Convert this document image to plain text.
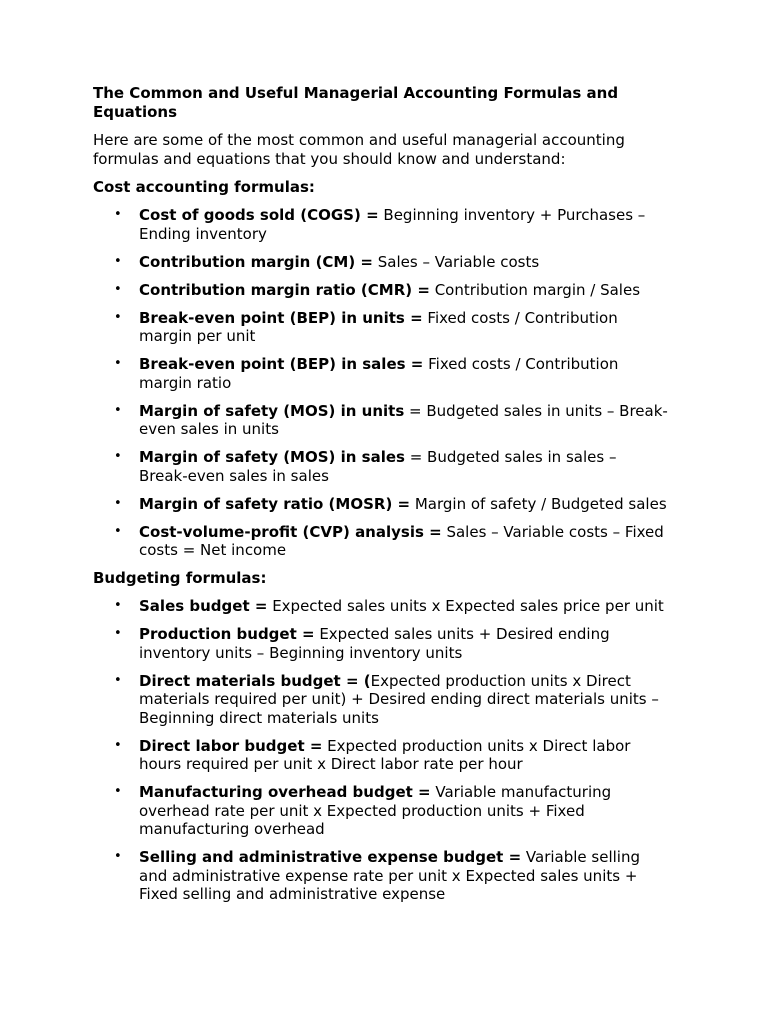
The Common and Useful Managerial Accounting Formulas and Equations
Here are some of the most common and useful managerial accounting formulas and equations that you should know and understand:
Cost accounting formulas:
• Cost of goods sold (COGS) = Beginning inventory + Purchases – Ending inventory
• Contribution margin (CM) = Sales – Variable costs
• Contribution margin ratio (CMR) = Contribution margin / Sales
• Break-even point (BEP) in units = Fixed costs / Contribution margin per unit
• Break-even point (BEP) in sales = Fixed costs / Contribution margin ratio
• Margin of safety (MOS) in units = Budgeted sales in units – Break-even sales in units
• Margin of safety (MOS) in sales = Budgeted sales in sales – Break-even sales in sales
• Margin of safety ratio (MOSR) = Margin of safety / Budgeted sales
• Cost-volume-profit (CVP) analysis = Sales – Variable costs – Fixed costs = Net income
Budgeting formulas:
• Sales budget = Expected sales units x Expected sales price per unit
• Production budget = Expected sales units + Desired ending inventory units – Beginning inventory units
• Direct materials budget = (Expected production units x Direct materials required per unit) + Desired ending direct materials units – Beginning direct materials units
• Direct labor budget = Expected production units x Direct labor hours required per unit x Direct labor rate per hour
• Manufacturing overhead budget = Variable manufacturing overhead rate per unit x Expected production units + Fixed manufacturing overhead
• Selling and administrative expense budget = Variable selling and administrative expense rate per unit x Expected sales units + Fixed selling and administrative expense
